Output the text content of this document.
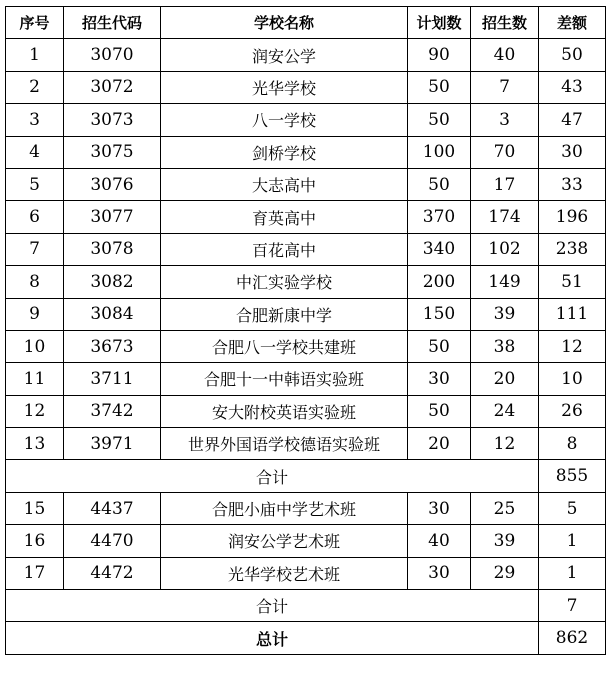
序号	招生代码	学校名称	计划数	招生数	差额
1	3070	润安公学	90	40	50
2	3072	光华学校	50	7	43
3	3073	八一学校	50	3	47
4	3075	剑桥学校	100	70	30
5	3076	大志高中	50	17	33
6	3077	育英高中	370	174	196
7	3078	百花高中	340	102	238
8	3082	中汇实验学校	200	149	51
9	3084	合肥新康中学	150	39	111
10	3673	合肥八一学校共建班	50	38	12
11	3711	合肥十一中韩语实验班	30	20	10
12	3742	安大附校英语实验班	50	24	26
13	3971	世界外国语学校德语实验班	20	12	8
合计					855
15	4437	合肥小庙中学艺术班	30	25	5
16	4470	润安公学艺术班	40	39	1
17	4472	光华学校艺术班	30	29	1
合计					7
总计					862
